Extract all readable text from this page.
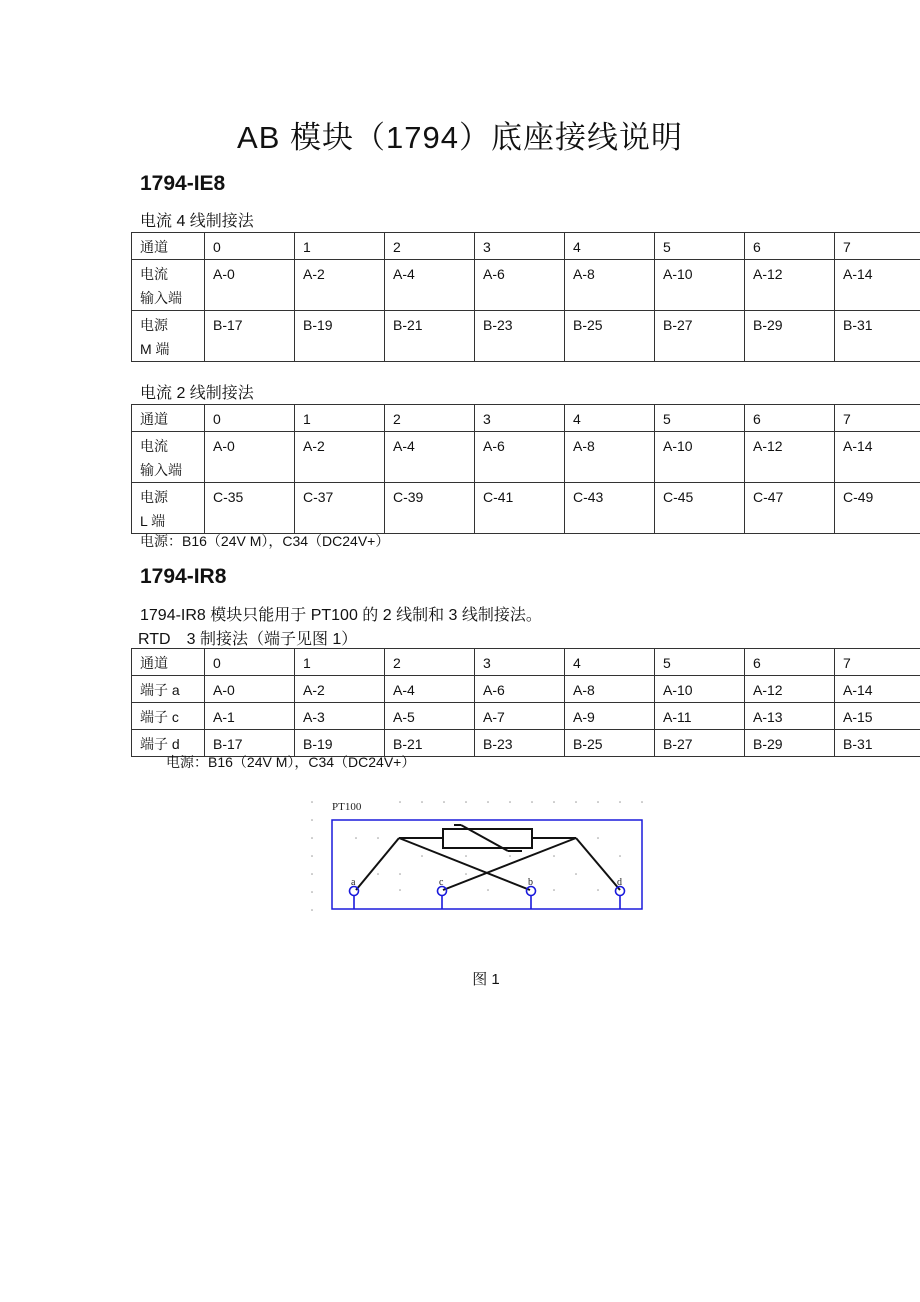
AB 模块（1794）底座接线说明
1794-IE8
电流 4 线制接法
通道	0	1	2	3	4	5	6	7
电流
输入端	A-0	A-2	A-4	A-6	A-8	A-10	A-12	A-14
电源
M 端	B-17	B-19	B-21	B-23	B-25	B-27	B-29	B-31
电流 2 线制接法
通道	0	1	2	3	4	5	6	7
电流
输入端	A-0	A-2	A-4	A-6	A-8	A-10	A-12	A-14
电源
L 端	C-35	C-37	C-39	C-41	C-43	C-45	C-47	C-49
电源：B16（24V M），C34（DC24V+）
1794-IR8
1794-IR8 模块只能用于 PT100 的 2 线制和 3 线制接法。
RTD　3 制接法（端子见图 1）
通道	0	1	2	3	4	5	6	7
端子 a	A-0	A-2	A-4	A-6	A-8	A-10	A-12	A-14
端子 c	A-1	A-3	A-5	A-7	A-9	A-11	A-13	A-15
端子 d	B-17	B-19	B-21	B-23	B-25	B-27	B-29	B-31
电源：B16（24V M），C34（DC24V+）
PT100
a	c	b	d
图 1
